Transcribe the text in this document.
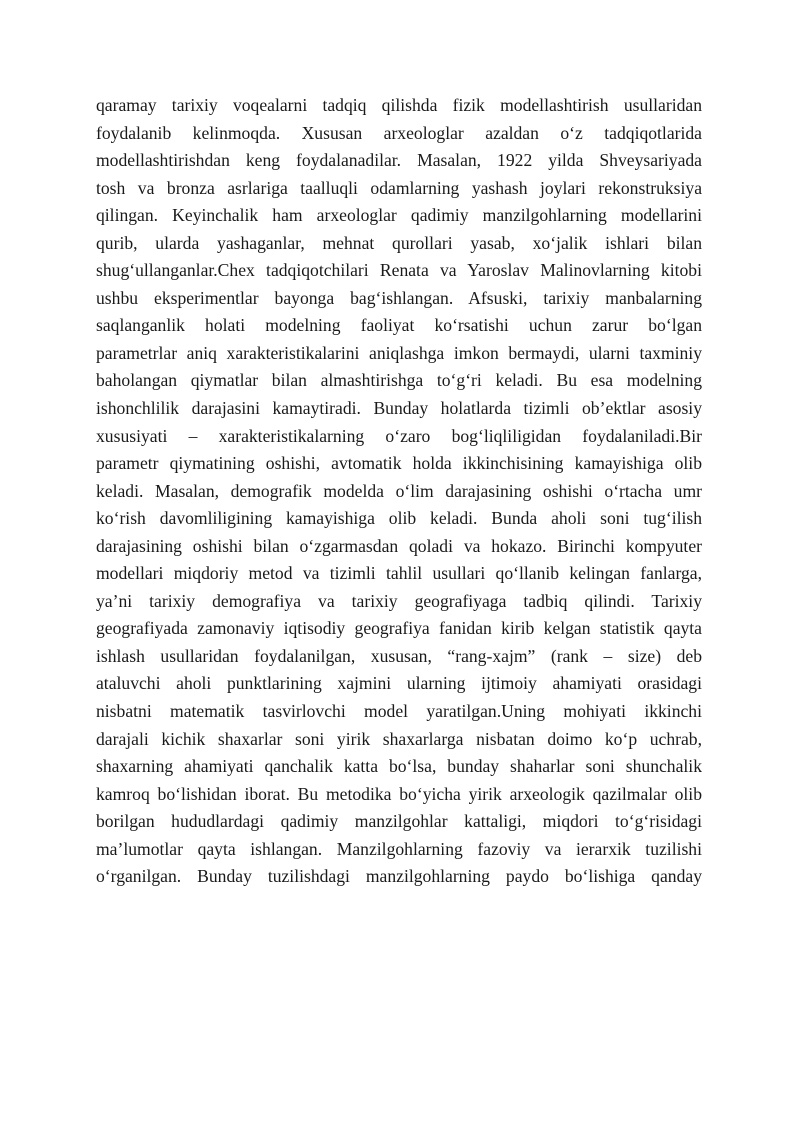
qaramay tarixiy voqealarni tadqiq qilishda fizik modellashtirish usullaridan
foydalanib kelinmoqda. Xususan arxeologlar azaldan oʻz tadqiqotlarida
modellashtirishdan keng foydalanadilar. Masalan, 1922 yilda Shveysariyada
tosh va bronza asrlariga taalluqli odamlarning yashash joylari rekonstruksiya
qilingan. Keyinchalik ham arxeologlar qadimiy manzilgohlarning modellarini
qurib, ularda yashaganlar, mehnat qurollari yasab, xoʻjalik ishlari bilan
shugʻullanganlar.Chex tadqiqotchilari Renata va Yaroslav Malinovlarning kitobi
ushbu eksperimentlar bayonga bagʻishlangan. Afsuski, tarixiy manbalarning
saqlanganlik holati modelning faoliyat koʻrsatishi uchun zarur boʻlgan
parametrlar aniq xarakteristikalarini aniqlashga imkon bermaydi, ularni taxminiy
baholangan qiymatlar bilan almashtirishga toʻgʻri keladi. Bu esa modelning
ishonchlilik darajasini kamaytiradi. Bunday holatlarda tizimli obʼektlar asosiy
xususiyati – xarakteristikalarning oʻzaro bogʻliqliligidan foydalaniladi.Bir
parametr qiymatining oshishi, avtomatik holda ikkinchisining kamayishiga olib
keladi. Masalan, demografik modelda oʻlim darajasining oshishi oʻrtacha umr
koʻrish davomliligining kamayishiga olib keladi. Bunda aholi soni tugʻilish
darajasining oshishi bilan oʻzgarmasdan qoladi va hokazo. Birinchi kompyuter
modellari miqdoriy metod va tizimli tahlil usullari qoʻllanib kelingan fanlarga,
yaʼni tarixiy demografiya va tarixiy geografiyaga tadbiq qilindi. Tarixiy
geografiyada zamonaviy iqtisodiy geografiya fanidan kirib kelgan statistik qayta
ishlash usullaridan foydalanilgan, xususan, “rang-xajm” (rank – size) deb
ataluvchi aholi punktlarining xajmini ularning ijtimoiy ahamiyati orasidagi
nisbatni matematik tasvirlovchi model yaratilgan.Uning mohiyati ikkinchi
darajali kichik shaxarlar soni yirik shaxarlarga nisbatan doimo koʻp uchrab,
shaxarning ahamiyati qanchalik katta boʻlsa, bunday shaharlar soni shunchalik
kamroq boʻlishidan iborat. Bu metodika boʻyicha yirik arxeologik qazilmalar olib
borilgan hududlardagi qadimiy manzilgohlar kattaligi, miqdori toʻgʻrisidagi
maʼlumotlar qayta ishlangan. Manzilgohlarning fazoviy va ierarxik tuzilishi
oʻrganilgan. Bunday tuzilishdagi manzilgohlarning paydo boʻlishiga qanday
